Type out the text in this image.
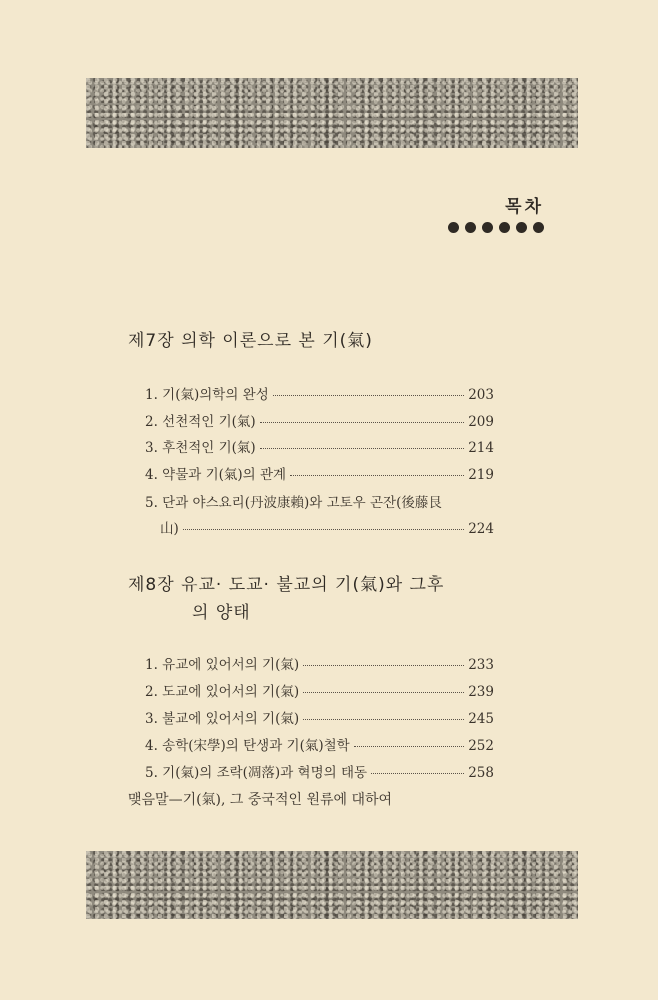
목차
제7장 의학 이론으로 본 기(氣)
1. 기(氣)의학의 완성	203
2. 선천적인 기(氣)	209
3. 후천적인 기(氣)	214
4. 약물과 기(氣)의 관계	219
5. 단과 야스요리(丹波康賴)와 고토우 곤잔(後藤艮
山)	224
제8장 유교· 도교· 불교의 기(氣)와 그후
의 양태
1. 유교에 있어서의 기(氣)	233
2. 도교에 있어서의 기(氣)	239
3. 불교에 있어서의 기(氣)	245
4. 송학(宋學)의 탄생과 기(氣)철학	252
5. 기(氣)의 조락(凋落)과 혁명의 태동	258
맺음말—기(氣), 그 중국적인 원류에 대하여
